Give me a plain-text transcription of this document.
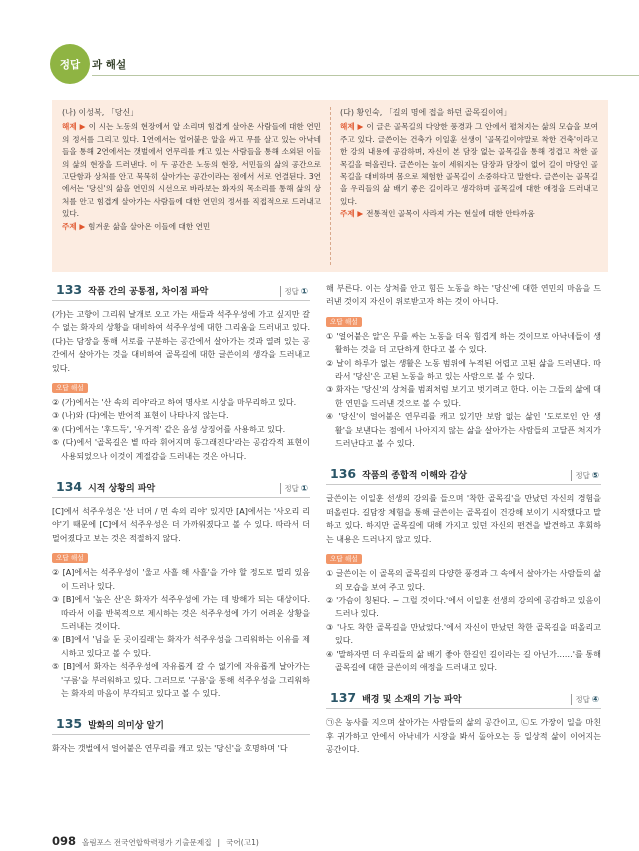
정답 과 해설
(나) 이성복, 「당신」

해제 ▶ 이 시는 노동의 현장에서 알 소리며 힘겹게 살아온 사람들에 대한 연민의 정서를 그리고 있다. 1연에서는 얼어붙은 알을 싸고 무를 살고 있는 아낙네들을 통해 2연에서는 갯벌에서 연무리를 캐고 있는 사람들을 통해 소외된 이들의 삶의 현장을 드러낸다. 이 두 공간은 노동의 현장, 서민들의 삶의 공간으로 고단함과 상처를 안고 묵묵히 살아가는 공간이라는 점에서 서로 연결된다. 3연에서는 '당신'의 삶을 연민의 시선으로 바라보는 화자의 목소리를 통해 삶의 상처를 안고 힘겹게 살아가는 사람들에 대한 연민의 정서를 직접적으로 드러내고 있다.

주제 ▶ 힘겨운 삶을 살아온 이들에 대한 연민

(다) 황인숙, 「길의 명에 접을 하던 골목길이여」

해제 ▶ 이 글은 골목길의 다양한 풍경과 그 안에서 펼쳐지는 삶의 모습을 보여 주고 있다. 글쓴이는 건축가 이일훈 선생이 '골목길이야말로 착한 건축'이라고 한 강의 내용에 공감하며, 자신이 본 담장 없는 골목길을 통해 정겹고 착한 골목길을 떠올린다. 글쓴이는 높이 세워지는 담장과 담장이 없어 길이 마당인 골목길을 대비하며 몸으로 체험한 골목길이 소중하다고 말한다. 글쓴이는 골목길을 우리들의 삶 배기 좋은 길이라고 생각하며 골목길에 대한 애정을 드러내고 있다.

주제 ▶ 전통적인 골목이 사라져 가는 현실에 대한 안타까움

133 작품 간의 공통점, 차이점 파악	정답 ①

(가)는 고향이 그리워 날개로 오고 가는 새들과 석주우성에 가고 싶지만 갈 수 없는 화자의 상황을 대비하여 석주우성에 대한 그리움을 드러내고 있다. (다)는 담장을 통해 서로를 구분하는 공간에서 살아가는 것과 열려 있는 공간에서 살아가는 것을 대비하여 골목길에 대한 글쓴이의 생각을 드러내고 있다.

오답 해설

② (가)에서는 '산 속의 리야'라고 하여 명사로 시상을 마무리하고 있다.

③ (나)와 (다)에는 반어적 표현이 나타나지 않는다.

④ (다)에서는 '후드득', '우거적' 같은 음성 상징어를 사용하고 있다.

⑤ (다)에서 '골목길은 볕 따라 휘어지며 동그래진다'라는 공감각적 표현이 사용되었으나 이것이 계절감을 드러내는 것은 아니다.

134 시적 상황의 파악	정답 ①

[C]에서 석주우성은 '산 너머 / 먼 속의 리야' 있지만 [A]에서는 '사오리 리야'기 때문에 [C]에서 석주우성은 더 가까워졌다고 볼 수 있다. 따라서 더 멀어졌다고 보는 것은 적절하지 않다.

오답 해설

② [A]에서는 석주우성이 '울고 사흘 해 사흘'을 가야 할 정도로 멀리 있음이 드러나 있다.

③ [B]에서 '높은 산'은 화자가 석주우성에 가는 데 방해가 되는 대상이다. 따라서 이를 반복적으로 제시하는 것은 석주우성에 가기 어려운 상황을 드러내는 것이다.

④ [B]에서 '님을 둔 곳이길래'는 화자가 석주우성을 그리워하는 이유를 제시하고 있다고 볼 수 있다.

⑤ [B]에서 화자는 석주우성에 자유롭게 갈 수 없기에 자유롭게 날아가는 '구름'을 부러워하고 있다. 그러므로 '구름'을 통해 석주우성을 그리워하는 화자의 마음이 부각되고 있다고 볼 수 있다.

135 발화의 의미상 알기

화자는 갯벌에서 얼어붙은 연무리를 캐고 있는 '당신'을 호명하며 '다

해 부른다. 이는 상처를 안고 힘든 노동을 하는 '당신'에 대한 연민의 마음을 드러낸 것이지 자신이 위로받고자 하는 것이 아니다.

오답 해설

① '얼어붙은 알'은 무를 싸는 노동을 더욱 힘겹게 하는 것이므로 아낙네들이 생활하는 것을 더 고단하게 한다고 볼 수 있다.

② 날이 하루가 없는 생활은 노동 범위에 누적된 어렵고 고된 삶을 드러낸다. 따라서 '당신'은 고된 노동을 하고 있는 사람으로 볼 수 있다.

③ 화자는 '당신'의 상처를 범죄처럼 보기고 벗기려고 한다. 이는 그들의 삶에 대한 연민을 드러낸 것으로 볼 수 있다.

④ '당신'이 얼어붙은 연무리를 캐고 있기만 보람 없는 삶인 '도로로인 안 생활'을 보낸다는 점에서 나아지지 않는 삶을 살아가는 사람들의 고달픈 처지가 드러난다고 볼 수 있다.

136 작품의 종합적 이해와 감상	정답 ⑤

글쓴이는 이일훈 선생의 강의를 들으며 '착한 골목길'을 만났던 자신의 경험을 떠올린다. 길담장 체험을 통해 글쓴이는 골목길이 건강해 보이기 시작했다고 말하고 있다. 하지만 골목길에 대해 가지고 있던 자신의 편견을 발견하고 후회하는 내용은 드러나지 않고 있다.

오답 해설

① 글쓴이는 이 골목의 골목길의 다양한 풍경과 그 속에서 살아가는 사람들의 삶의 모습을 보여 주고 있다.

② '가슴이 칭된다. ~ 그럴 것이다.'에서 이일훈 선생의 강의에 공감하고 있음이 드러나 있다.

③ '나도 착한 골목길을 만났었다.'에서 자신이 만났던 착한 골목길을 떠올리고 있다.

④ '말하자면 더 우리들의 삶 배기 좋아 한길인 길이라는 길 아닌가……'를 통해 골목길에 대한 글쓴이의 애정을 드러내고 있다.

137 배경 및 소재의 기능 파악	정답 ④

㉠은 농사를 지으며 살아가는 사람들의 삶의 공간이고, ㉡도 가장이 일을 마친 후 귀가하고 안에서 아낙네가 시장을 봐서 돌아오는 등 일상적 삶이 이어지는 공간이다.

098 올림포스 전국연합학력평가 기출문제집 | 국어(고1)
